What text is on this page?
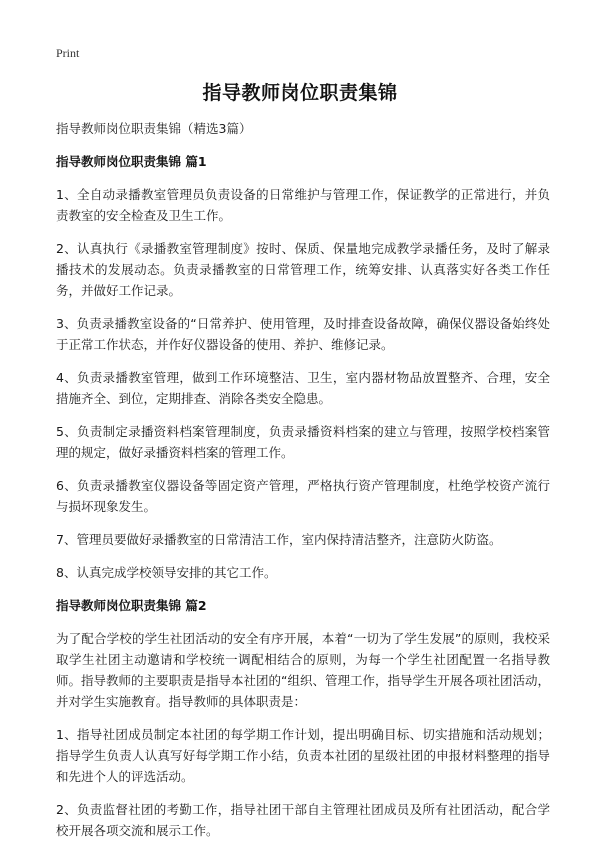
Print
指导教师岗位职责集锦

指导教师岗位职责集锦（精选3篇）

指导教师岗位职责集锦 篇1

1、全自动录播教室管理员负责设备的日常维护与管理工作，保证教学的正常进行，并负责教室的安全检查及卫生工作。

2、认真执行《录播教室管理制度》按时、保质、保量地完成教学录播任务，及时了解录播技术的发展动态。负责录播教室的日常管理工作，统筹安排、认真落实好各类工作任务，并做好工作记录。

3、负责录播教室设备的“日常养护、使用管理，及时排查设备故障，确保仪器设备始终处于正常工作状态，并作好仪器设备的使用、养护、维修记录。

4、负责录播教室管理，做到工作环境整洁、卫生，室内器材物品放置整齐、合理，安全措施齐全、到位，定期排查、消除各类安全隐患。

5、负责制定录播资料档案管理制度，负责录播资料档案的建立与管理，按照学校档案管理的规定，做好录播资料档案的管理工作。

6、负责录播教室仪器设备等固定资产管理，严格执行资产管理制度，杜绝学校资产流行与损坏现象发生。

7、管理员要做好录播教室的日常清洁工作，室内保持清洁整齐，注意防火防盗。

8、认真完成学校领导安排的其它工作。

指导教师岗位职责集锦 篇2

为了配合学校的学生社团活动的安全有序开展，本着“一切为了学生发展”的原则，我校采取学生社团主动邀请和学校统一调配相结合的原则，为每一个学生社团配置一名指导教师。指导教师的主要职责是指导本社团的“组织、管理工作，指导学生开展各项社团活动，并对学生实施教育。指导教师的具体职责是：

1、指导社团成员制定本社团的每学期工作计划，提出明确目标、切实措施和活动规划；指导学生负责人认真写好每学期工作小结，负责本社团的星级社团的申报材料整理的指导和先进个人的评选活动。

2、负责监督社团的考勤工作，指导社团干部自主管理社团成员及所有社团活动，配合学校开展各项交流和展示工作。
